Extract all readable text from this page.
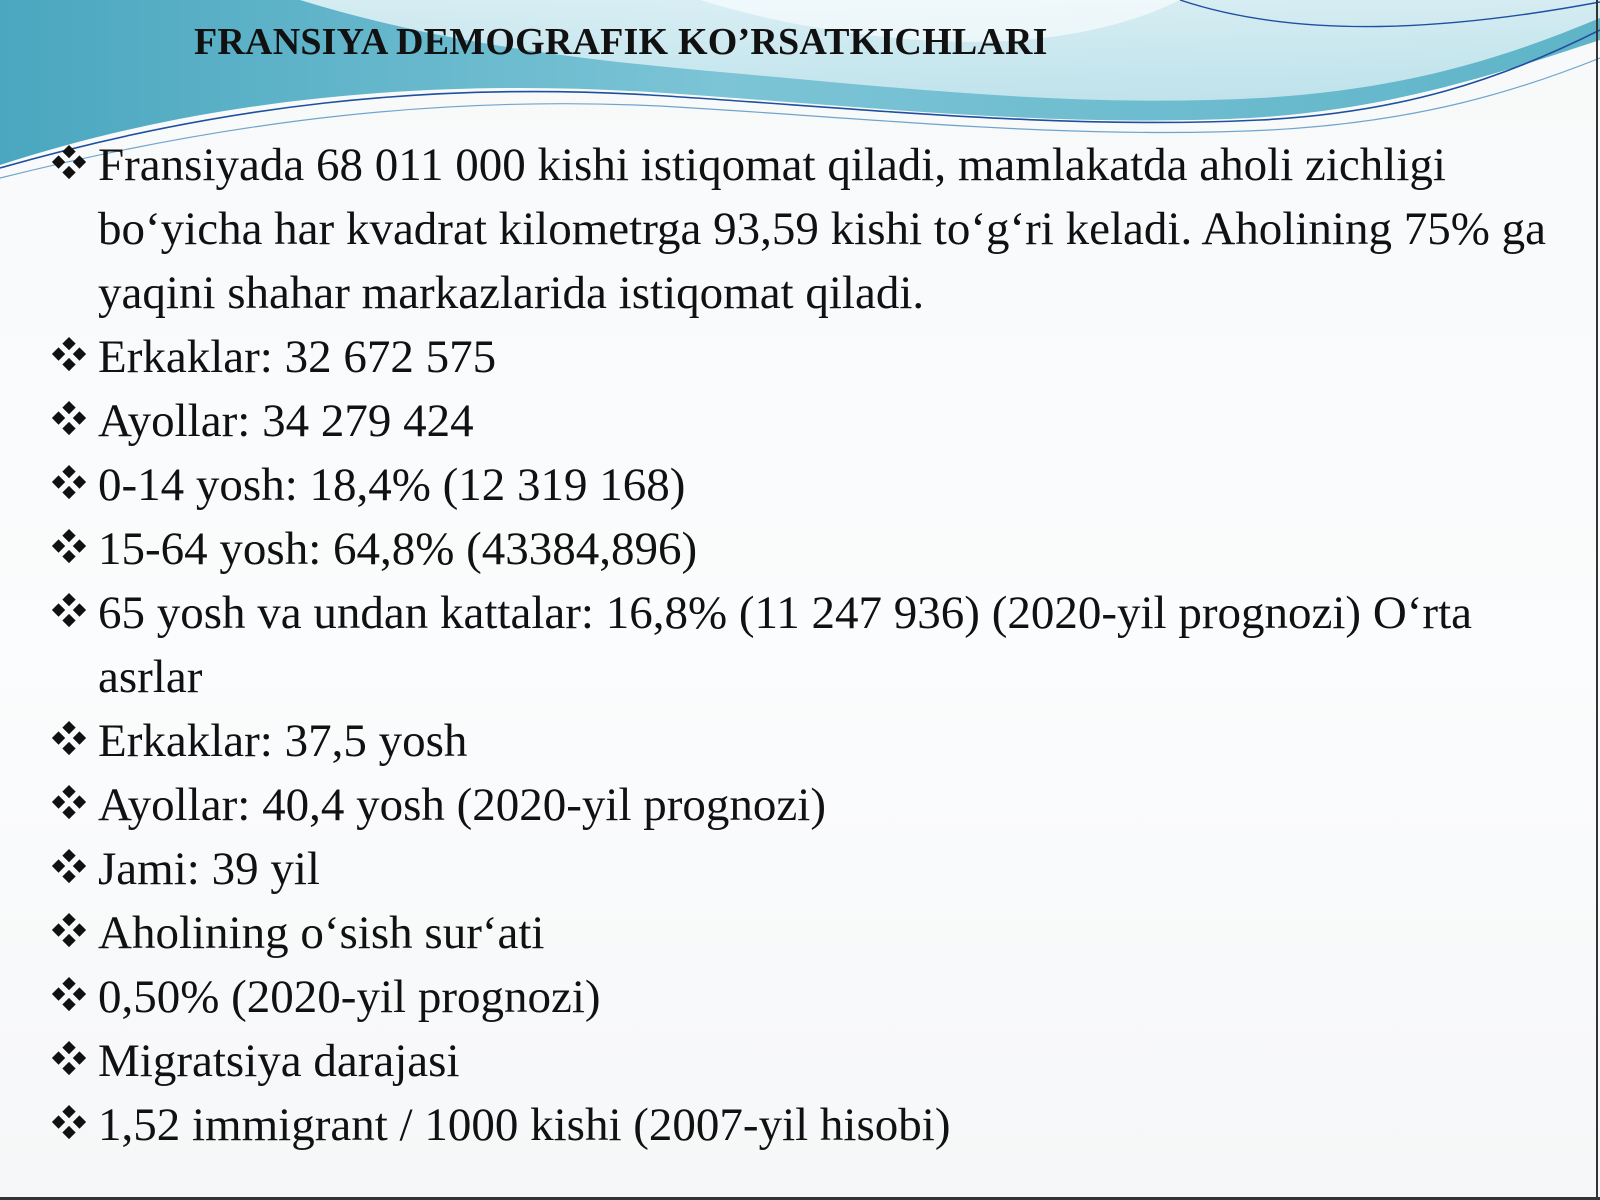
FRANSIYA DEMOGRAFIK KO’RSATKICHLARI
Fransiyada 68 011 000 kishi istiqomat qiladi, mamlakatda aholi zichligi bo‘yicha har kvadrat kilometrga 93,59 kishi to‘g‘ri keladi. Aholining 75% ga yaqini shahar markazlarida istiqomat qiladi.
Erkaklar: 32 672 575
Ayollar: 34 279 424
0-14 yosh: 18,4% (12 319 168)
15-64 yosh: 64,8% (43384,896)
65 yosh va undan kattalar: 16,8% (11 247 936) (2020-yil prognozi) O‘rta asrlar
Erkaklar: 37,5 yosh
Ayollar: 40,4 yosh (2020-yil prognozi)
Jami: 39 yil
Aholining o‘sish sur‘ati
0,50% (2020-yil prognozi)
Migratsiya darajasi
1,52 immigrant / 1000 kishi (2007-yil hisobi)
